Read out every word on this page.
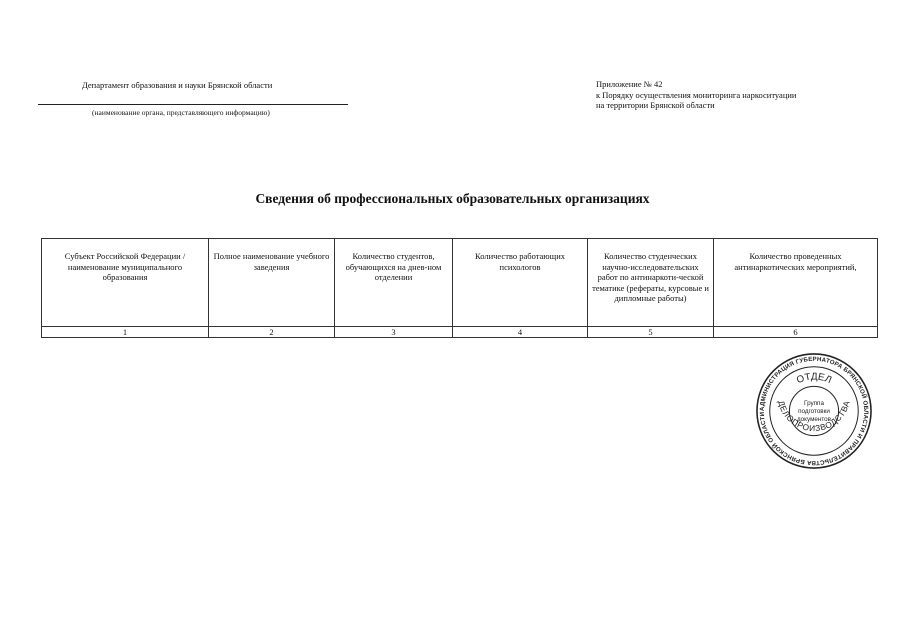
Департамент образования и науки Брянской области
(наименование органа, представляющего информацию)
Приложение № 42
к Порядку осуществления мониторинга наркоситуации
на территории Брянской области
Сведения об профессиональных образовательных организациях
Субъект Российской Федерации /наименование муниципального образования	Полное наименование учебного заведения	Количество студентов, обучающихся на днев-ном отделении	Количество работающих психологов	Количество студенческих научно-исследовательских работ по антинаркоти-ческой тематике (рефераты, курсовые и дипломные работы)	Количество проведенных антинаркотических мероприятий,
1	2	3	4	5	6
АДМИНИСТРАЦИЯ ГУБЕРНАТОРА БРЯНСКОЙ ОБЛАСТИ И ПРАВИТЕЛЬСТВА БРЯНСКОЙ ОБЛАСТИ
ОТДЕЛ
ДЕЛОПРОИЗВОДСТВА
Группа
подготовки
документов
